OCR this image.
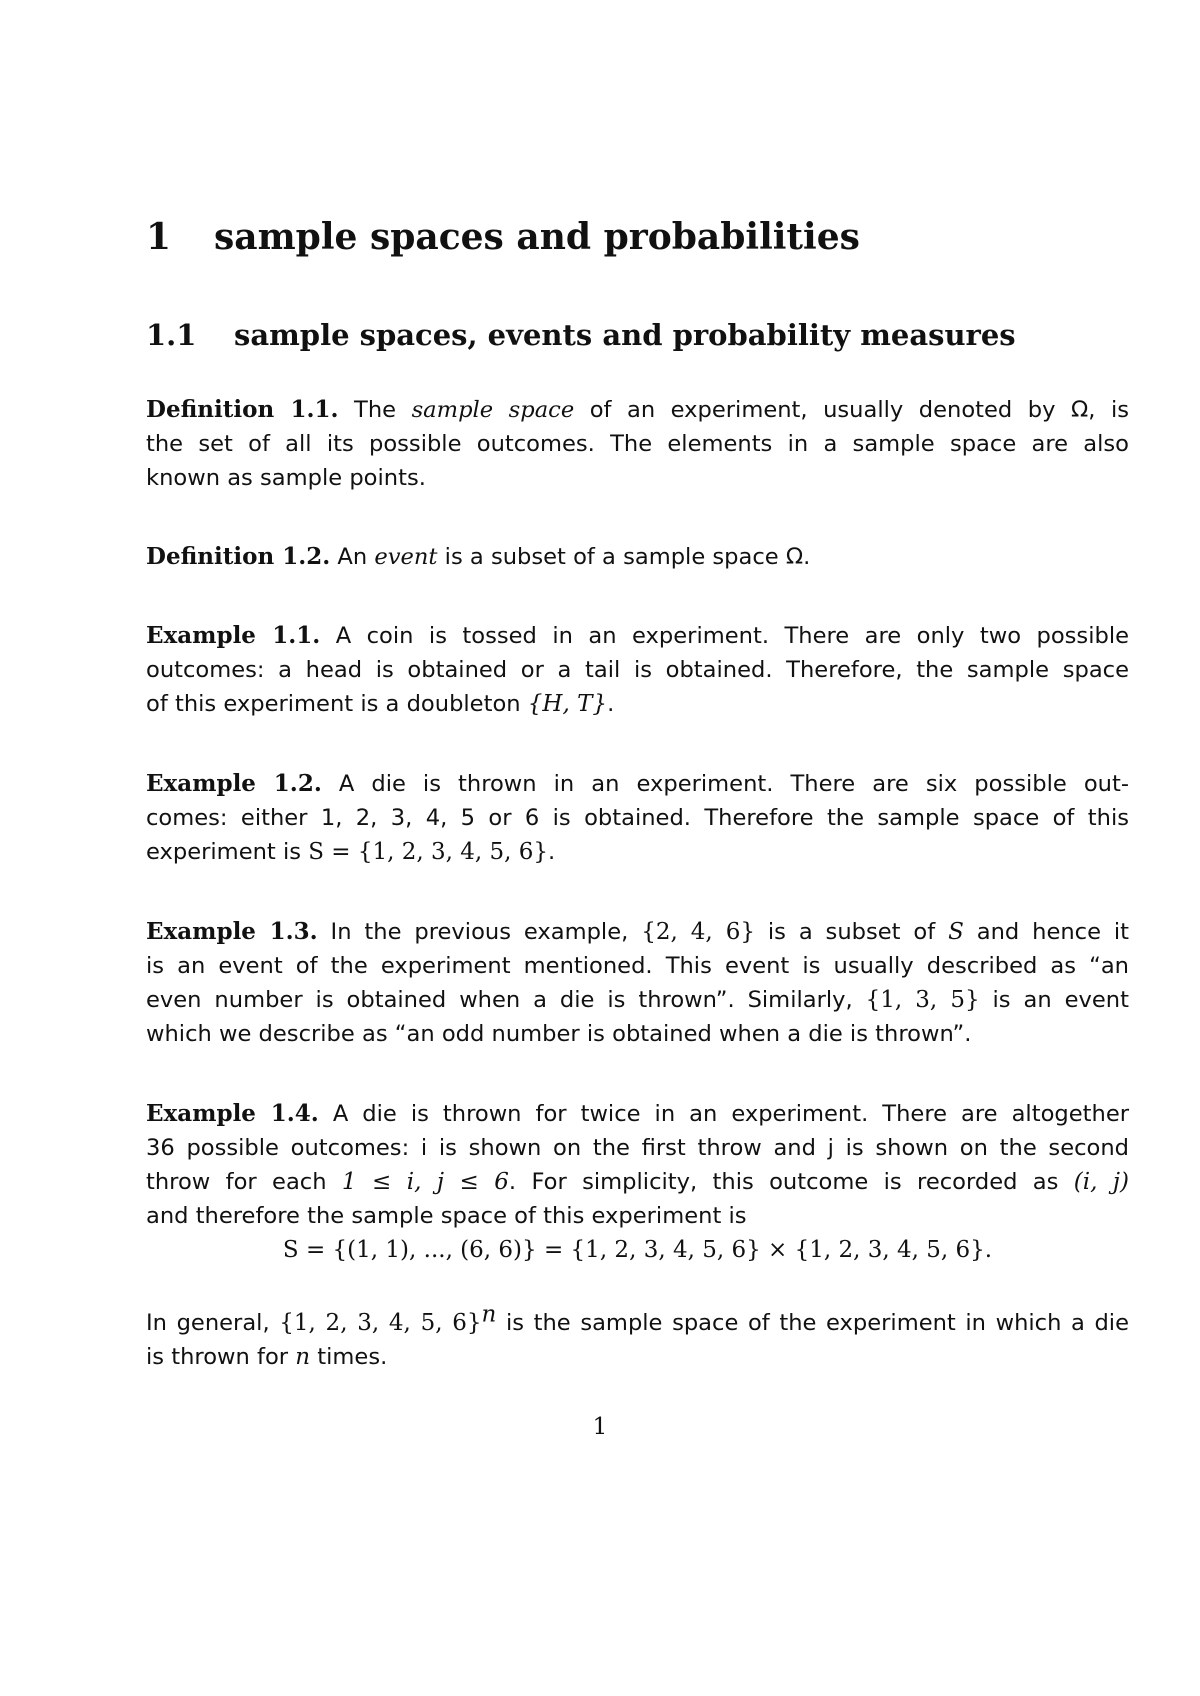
1 sample spaces and probabilities
1.1 sample spaces, events and probability measures
Definition 1.1. The sample space of an experiment, usually denoted by Ω, is
the set of all its possible outcomes. The elements in a sample space are also
known as sample points.
Definition 1.2. An event is a subset of a sample space Ω.
Example 1.1. A coin is tossed in an experiment. There are only two possible
outcomes: a head is obtained or a tail is obtained. Therefore, the sample space
of this experiment is a doubleton {H, T}.
Example 1.2. A die is thrown in an experiment. There are six possible out-
comes: either 1, 2, 3, 4, 5 or 6 is obtained. Therefore the sample space of this
experiment is S = {1, 2, 3, 4, 5, 6}.
Example 1.3. In the previous example, {2, 4, 6} is a subset of S and hence it
is an event of the experiment mentioned. This event is usually described as “an
even number is obtained when a die is thrown”. Similarly, {1, 3, 5} is an event
which we describe as “an odd number is obtained when a die is thrown”.
Example 1.4. A die is thrown for twice in an experiment. There are altogether
36 possible outcomes: i is shown on the first throw and j is shown on the second
throw for each 1 ≤ i, j ≤ 6. For simplicity, this outcome is recorded as (i, j)
and therefore the sample space of this experiment is
S = {(1, 1), ..., (6, 6)} = {1, 2, 3, 4, 5, 6} × {1, 2, 3, 4, 5, 6}.
In general, {1, 2, 3, 4, 5, 6}$^n$ is the sample space of the experiment in which a die
is thrown for n times.
1
